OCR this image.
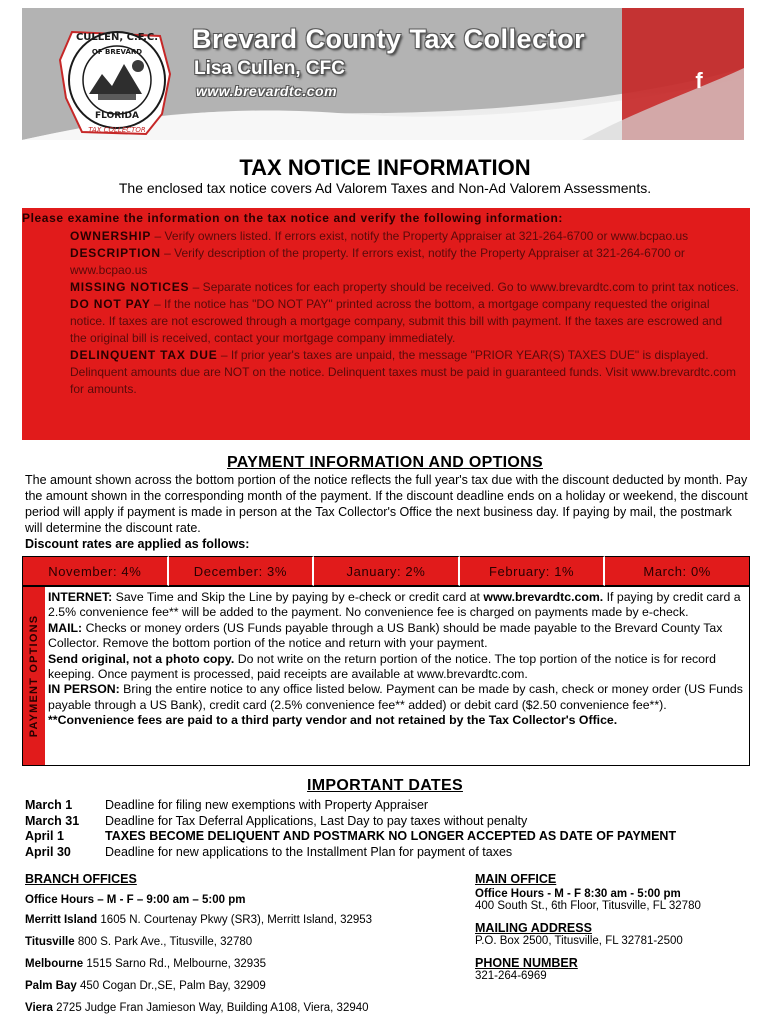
CULLEN, C.F.C.
OF BREVARD
FLORIDA
TAX COLLECTOR
Brevard County Tax Collector
Lisa Cullen, CFC
www.brevardtc.com	f
TAX NOTICE INFORMATION
The enclosed tax notice covers Ad Valorem Taxes and Non-Ad Valorem Assessments.
Please examine the information on the tax notice and verify the following information:

OWNERSHIP – Verify owners listed. If errors exist, notify the Property Appraiser at 321-264-6700 or www.bcpao.us

DESCRIPTION – Verify description of the property. If errors exist, notify the Property Appraiser at 321-264-6700 or www.bcpao.us

MISSING NOTICES – Separate notices for each property should be received. Go to www.brevardtc.com to print tax notices.

DO NOT PAY – If the notice has "DO NOT PAY" printed across the bottom, a mortgage company requested the original notice. If taxes are not escrowed through a mortgage company, submit this bill with payment. If the taxes are escrowed and the original bill is received, contact your mortgage company immediately.

DELINQUENT TAX DUE – If prior year's taxes are unpaid, the message "PRIOR YEAR(S) TAXES DUE" is displayed. Delinquent amounts due are NOT on the notice. Delinquent taxes must be paid in guaranteed funds. Visit www.brevardtc.com for amounts.

PAYMENT INFORMATION AND OPTIONS
The amount shown across the bottom portion of the notice reflects the full year's tax due with the discount deducted by month. Pay the amount shown in the corresponding month of the payment. If the discount deadline ends on a holiday or weekend, the discount period will apply if payment is made in person at the Tax Collector's Office the next business day. If paying by mail, the postmark will determine the discount rate.
Discount rates are applied as follows:
November: 4%	December: 3%	January: 2%	February: 1%	March: 0%
PAYMENT OPTIONS
INTERNET: Save Time and Skip the Line by paying by e-check or credit card at www.brevardtc.com. If paying by credit card a 2.5% convenience fee** will be added to the payment. No convenience fee is charged on payments made by e-check.
MAIL: Checks or money orders (US Funds payable through a US Bank) should be made payable to the Brevard County Tax Collector. Remove the bottom portion of the notice and return with your payment.
Send original, not a photo copy. Do not write on the return portion of the notice. The top portion of the notice is for record keeping. Once payment is processed, paid receipts are available at www.brevardtc.com.
IN PERSON: Bring the entire notice to any office listed below. Payment can be made by cash, check or money order (US Funds payable through a US Bank), credit card (2.5% convenience fee** added) or debit card ($2.50 convenience fee**).
**Convenience fees are paid to a third party vendor and not retained by the Tax Collector's Office.
IMPORTANT DATES
March 1	Deadline for filing new exemptions with Property Appraiser
March 31	Deadline for Tax Deferral Applications, Last Day to pay taxes without penalty
April 1	TAXES BECOME DELIQUENT AND POSTMARK NO LONGER ACCEPTED AS DATE OF PAYMENT
April 30	Deadline for new applications to the Installment Plan for payment of taxes
BRANCH OFFICES
Office Hours – M - F – 9:00 am – 5:00 pm
Merritt Island 1605 N. Courtenay Pkwy (SR3), Merritt Island, 32953
Titusville 800 S. Park Ave., Titusville, 32780
Melbourne 1515 Sarno Rd., Melbourne, 32935
Palm Bay 450 Cogan Dr.,SE, Palm Bay, 32909
Viera 2725 Judge Fran Jamieson Way, Building A108, Viera, 32940
MAIN OFFICE
Office Hours - M - F 8:30 am - 5:00 pm
400 South St., 6th Floor, Titusville, FL 32780
MAILING ADDRESS
P.O. Box 2500, Titusville, FL 32781-2500
PHONE NUMBER
321-264-6969
